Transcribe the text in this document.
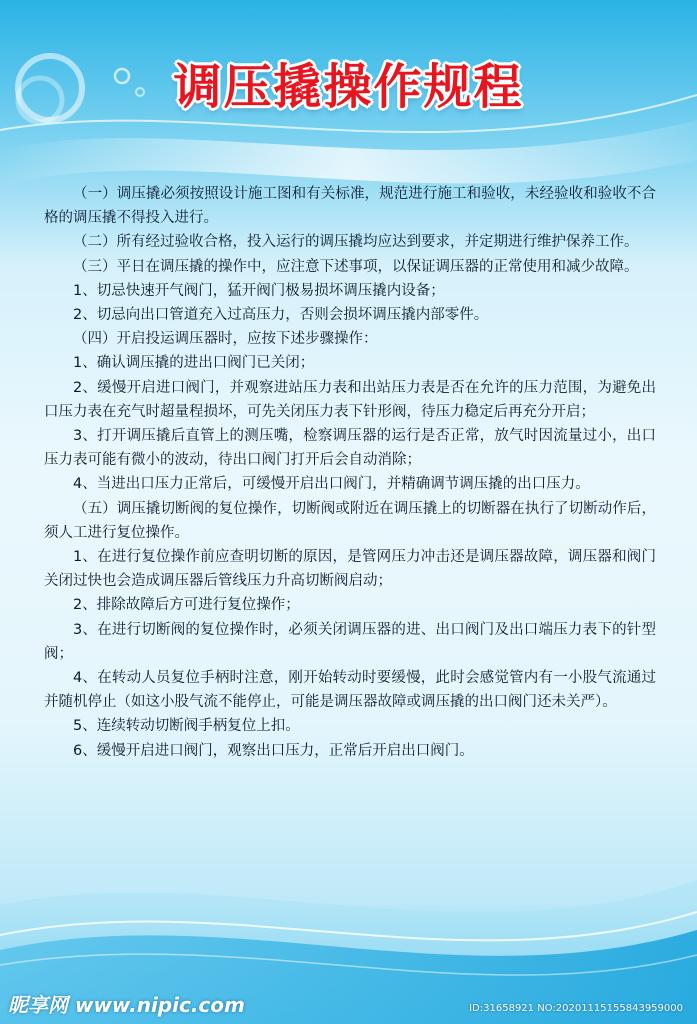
调压撬操作规程

（一）调压撬必须按照设计施工图和有关标准，规范进行施工和验收，未经验收和验收不合格的调压撬不得投入进行。

（二）所有经过验收合格，投入运行的调压撬均应达到要求，并定期进行维护保养工作。

（三）平日在调压撬的操作中，应注意下述事项，以保证调压器的正常使用和减少故障。

1、切忌快速开气阀门，猛开阀门极易损坏调压撬内设备；

2、切忌向出口管道充入过高压力，否则会损坏调压撬内部零件。

（四）开启投运调压器时，应按下述步骤操作：

1、确认调压撬的进出口阀门已关闭；

2、缓慢开启进口阀门，并观察进站压力表和出站压力表是否在允许的压力范围，为避免出口压力表在充气时超量程损坏，可先关闭压力表下针形阀，待压力稳定后再充分开启；

3、打开调压撬后直管上的测压嘴，检察调压器的运行是否正常，放气时因流量过小，出口压力表可能有微小的波动，待出口阀门打开后会自动消除；

4、当进出口压力正常后，可缓慢开启出口阀门，并精确调节调压撬的出口压力。

（五）调压撬切断阀的复位操作，切断阀或附近在调压撬上的切断器在执行了切断动作后，须人工进行复位操作。

1、在进行复位操作前应查明切断的原因，是管网压力冲击还是调压器故障，调压器和阀门关闭过快也会造成调压器后管线压力升高切断阀启动；

2、排除故障后方可进行复位操作；

3、在进行切断阀的复位操作时，必须关闭调压器的进、出口阀门及出口端压力表下的针型阀；

4、在转动人员复位手柄时注意，刚开始转动时要缓慢，此时会感觉管内有一小股气流通过并随机停止（如这小股气流不能停止，可能是调压器故障或调压撬的出口阀门还未关严）。

5、连续转动切断阀手柄复位上扣。

6、缓慢开启进口阀门，观察出口压力，正常后开启出口阀门。

昵享网 www.nipic.com	ID:31658921 NO:20201115155843959000
